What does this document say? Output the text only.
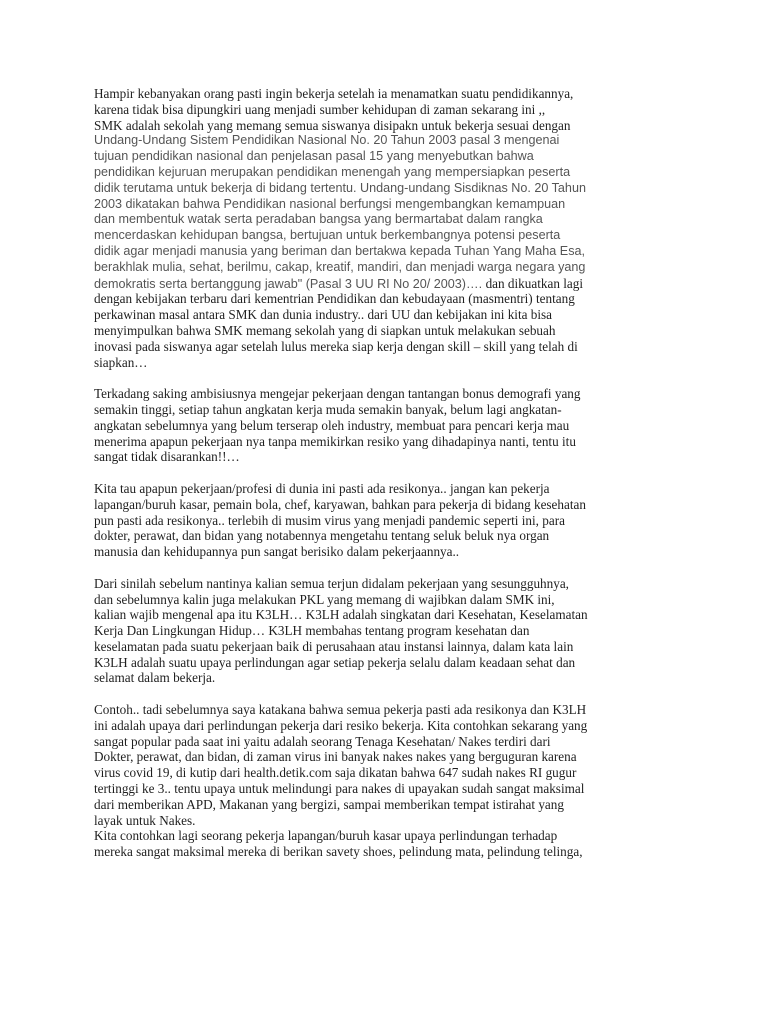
Hampir kebanyakan orang pasti ingin bekerja setelah ia menamatkan suatu pendidikannya,
karena tidak bisa dipungkiri uang menjadi sumber kehidupan di zaman sekarang ini ,,
SMK adalah sekolah yang memang semua siswanya disipakn untuk bekerja sesuai dengan
Undang-Undang Sistem Pendidikan Nasional No. 20 Tahun 2003 pasal 3 mengenai
tujuan pendidikan nasional dan penjelasan pasal 15 yang menyebutkan bahwa
pendidikan kejuruan merupakan pendidikan menengah yang mempersiapkan peserta
didik terutama untuk bekerja di bidang tertentu. Undang-undang Sisdiknas No. 20 Tahun
2003 dikatakan bahwa Pendidikan nasional berfungsi mengembangkan kemampuan
dan membentuk watak serta peradaban bangsa yang bermartabat dalam rangka
mencerdaskan kehidupan bangsa, bertujuan untuk berkembangnya potensi peserta
didik agar menjadi manusia yang beriman dan bertakwa kepada Tuhan Yang Maha Esa,
berakhlak mulia, sehat, berilmu, cakap, kreatif, mandiri, dan menjadi warga negara yang
demokratis serta bertanggung jawab" (Pasal 3 UU RI No 20/ 2003)…. dan dikuatkan lagi
dengan kebijakan terbaru dari kementrian Pendidikan dan kebudayaan (masmentri) tentang
perkawinan masal antara SMK dan dunia industry.. dari UU dan kebijakan ini kita bisa
menyimpulkan bahwa SMK memang sekolah yang di siapkan untuk melakukan sebuah
inovasi pada siswanya agar setelah lulus mereka siap kerja dengan skill – skill yang telah di
siapkan…
Terkadang saking ambisiusnya mengejar pekerjaan dengan tantangan bonus demografi yang
semakin tinggi, setiap tahun angkatan kerja muda semakin banyak, belum lagi angkatan-
angkatan sebelumnya yang belum terserap oleh industry, membuat para pencari kerja mau
menerima apapun pekerjaan nya tanpa memikirkan resiko yang dihadapinya nanti, tentu itu
sangat tidak disarankan!!…
Kita tau apapun pekerjaan/profesi di dunia ini pasti ada resikonya.. jangan kan pekerja
lapangan/buruh kasar, pemain bola, chef, karyawan, bahkan para pekerja di bidang kesehatan
pun pasti ada resikonya.. terlebih di musim virus yang menjadi pandemic seperti ini, para
dokter, perawat, dan bidan yang notabennya mengetahu tentang seluk beluk nya organ
manusia dan kehidupannya pun sangat berisiko dalam pekerjaannya..
Dari sinilah sebelum nantinya kalian semua terjun didalam pekerjaan yang sesungguhnya,
dan sebelumnya kalin juga melakukan PKL yang memang di wajibkan dalam SMK ini,
kalian wajib mengenal apa itu K3LH… K3LH adalah singkatan dari Kesehatan, Keselamatan
Kerja Dan Lingkungan Hidup… K3LH membahas tentang program kesehatan dan
keselamatan pada suatu pekerjaan baik di perusahaan atau instansi lainnya, dalam kata lain
K3LH adalah suatu upaya perlindungan agar setiap pekerja selalu dalam keadaan sehat dan
selamat dalam bekerja.
Contoh.. tadi sebelumnya saya katakana bahwa semua pekerja pasti ada resikonya dan K3LH
ini adalah upaya dari perlindungan pekerja dari resiko bekerja. Kita contohkan sekarang yang
sangat popular pada saat ini yaitu adalah seorang Tenaga Kesehatan/ Nakes terdiri dari
Dokter, perawat, dan bidan, di zaman virus ini banyak nakes nakes yang berguguran karena
virus covid 19, di kutip dari health.detik.com saja dikatan bahwa 647 sudah nakes RI gugur
tertinggi ke 3.. tentu upaya untuk melindungi para nakes di upayakan sudah sangat maksimal
dari memberikan APD, Makanan yang bergizi, sampai memberikan tempat istirahat yang
layak untuk Nakes.
Kita contohkan lagi seorang pekerja lapangan/buruh kasar upaya perlindungan terhadap
mereka sangat maksimal mereka di berikan savety shoes, pelindung mata, pelindung telinga,
